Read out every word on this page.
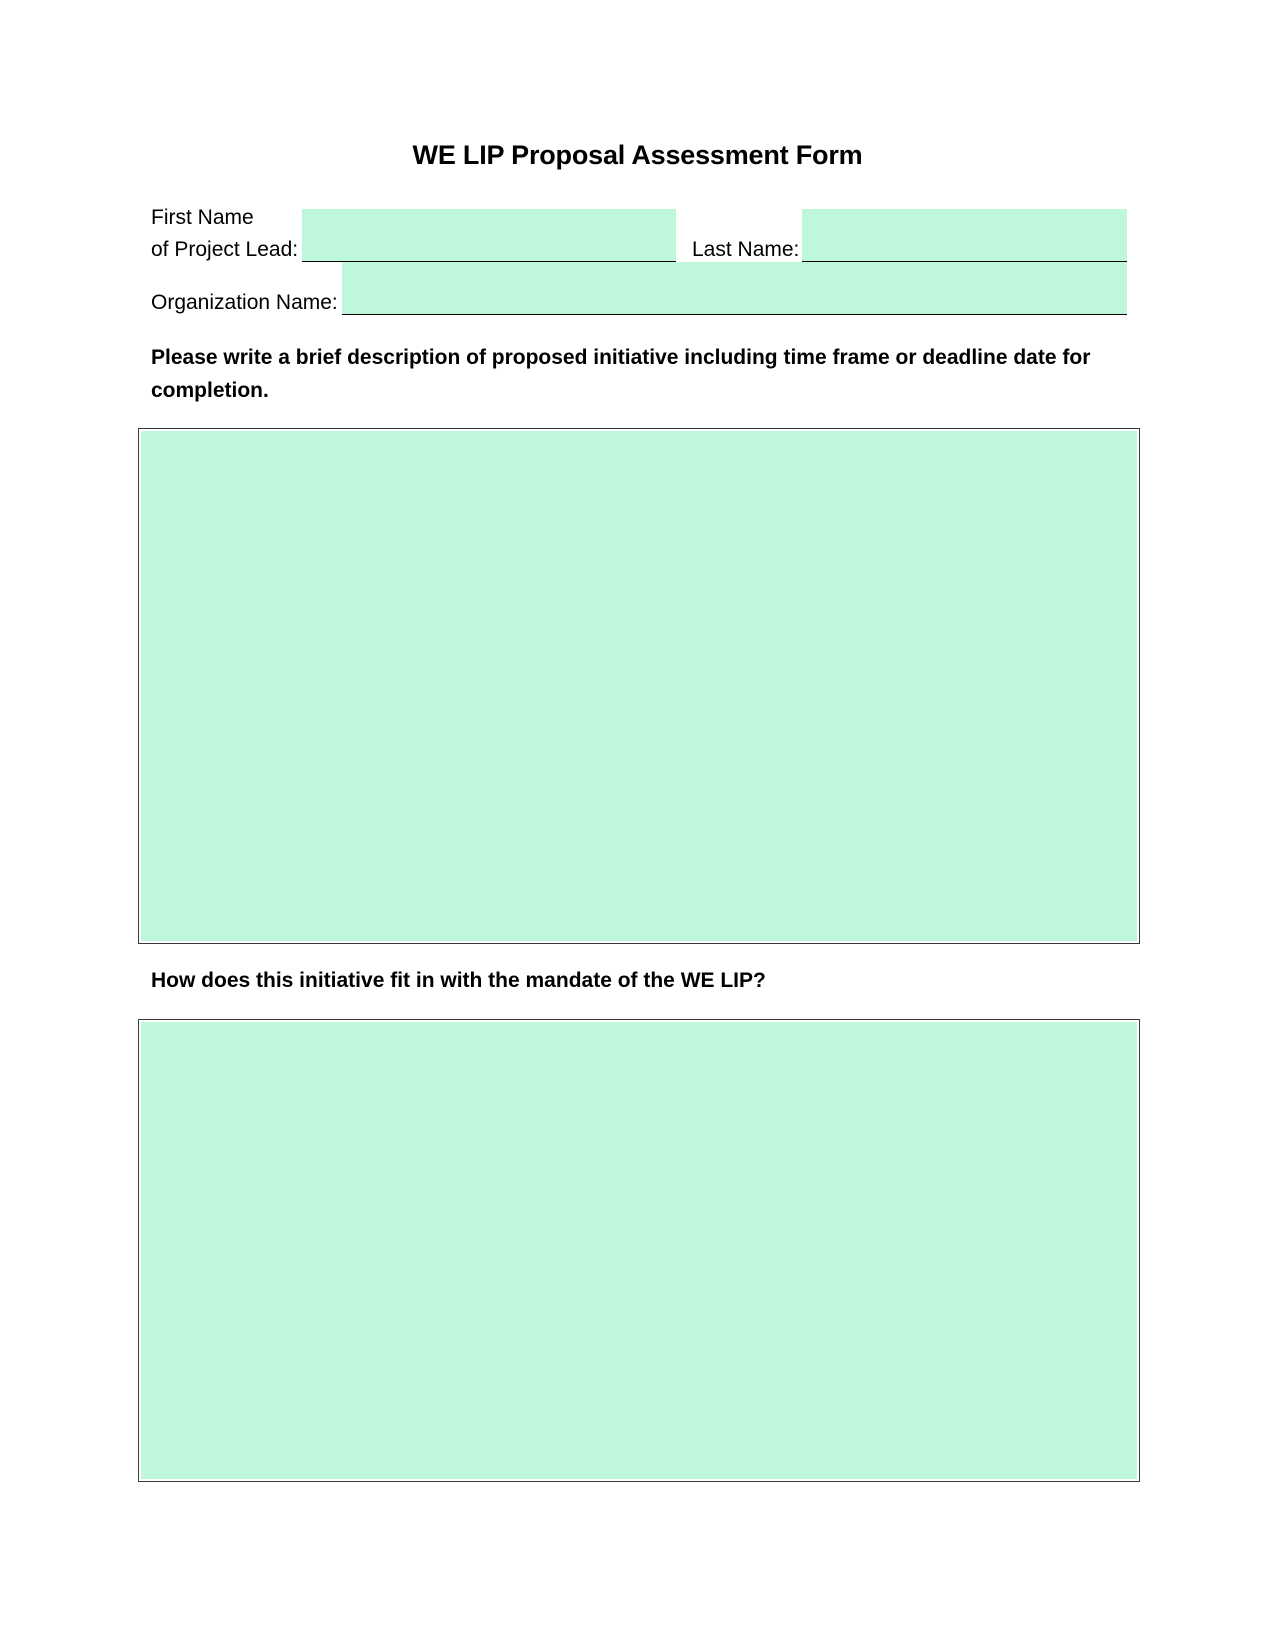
WE LIP Proposal Assessment Form
First Name
of Project Lead:	Last Name:
Organization Name:
Please write a brief description of proposed initiative including time frame or deadline date for completion.
How does this initiative fit in with the mandate of the WE LIP?
